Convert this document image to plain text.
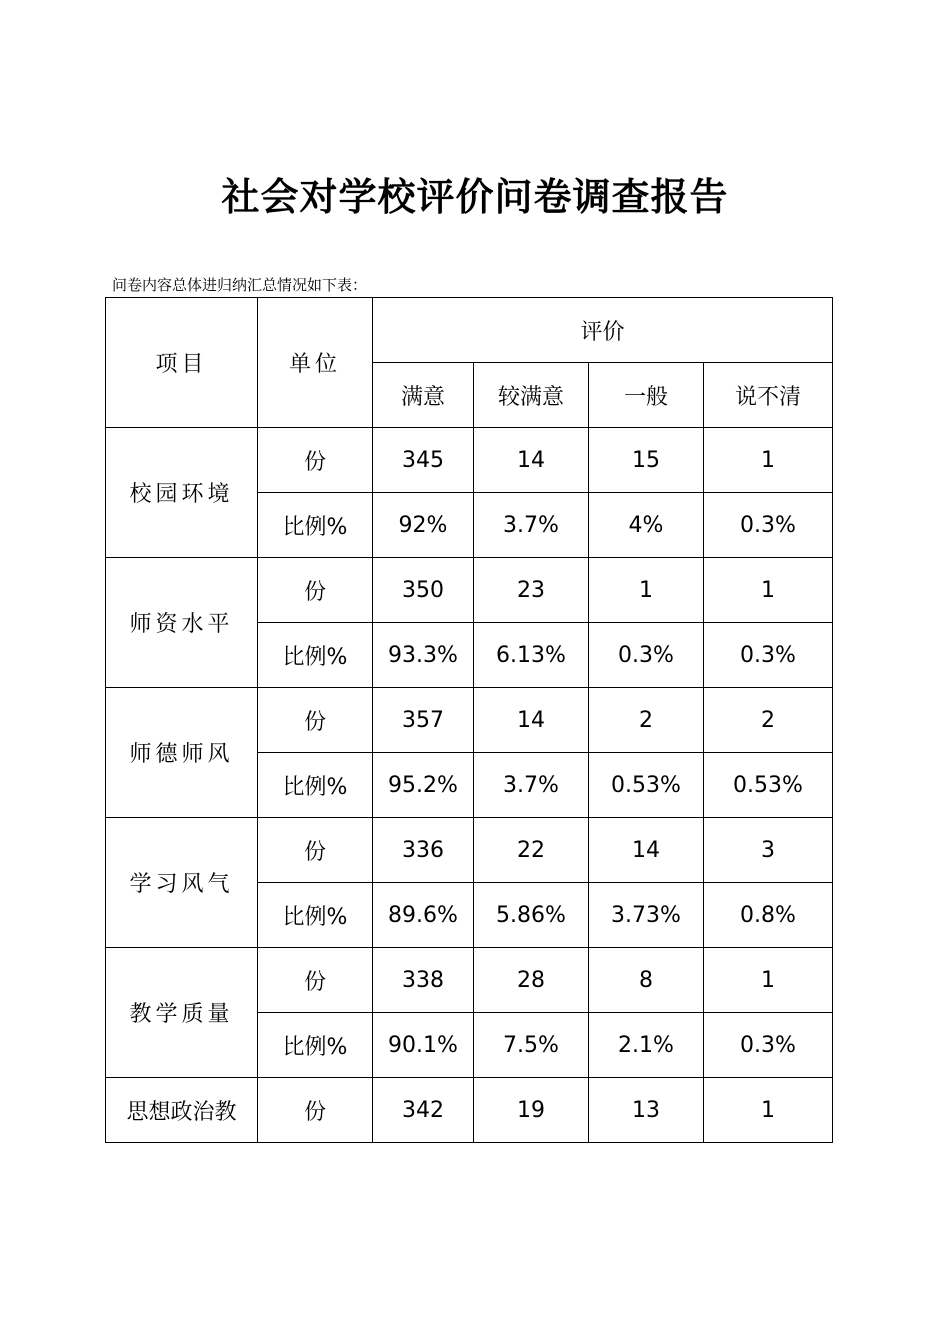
社会对学校评价问卷调查报告
问卷内容总体进归纳汇总情况如下表：
项目	单位	评价			
		满意	较满意	一般	说不清
校园环境	份	345	14	15	1
	比例%	92%	3.7%	4%	0.3%
师资水平	份	350	23	1	1
	比例%	93.3%	6.13%	0.3%	0.3%
师德师风	份	357	14	2	2
	比例%	95.2%	3.7%	0.53%	0.53%
学习风气	份	336	22	14	3
	比例%	89.6%	5.86%	3.73%	0.8%
教学质量	份	338	28	8	1
	比例%	90.1%	7.5%	2.1%	0.3%
思想政治教	份	342	19	13	1
